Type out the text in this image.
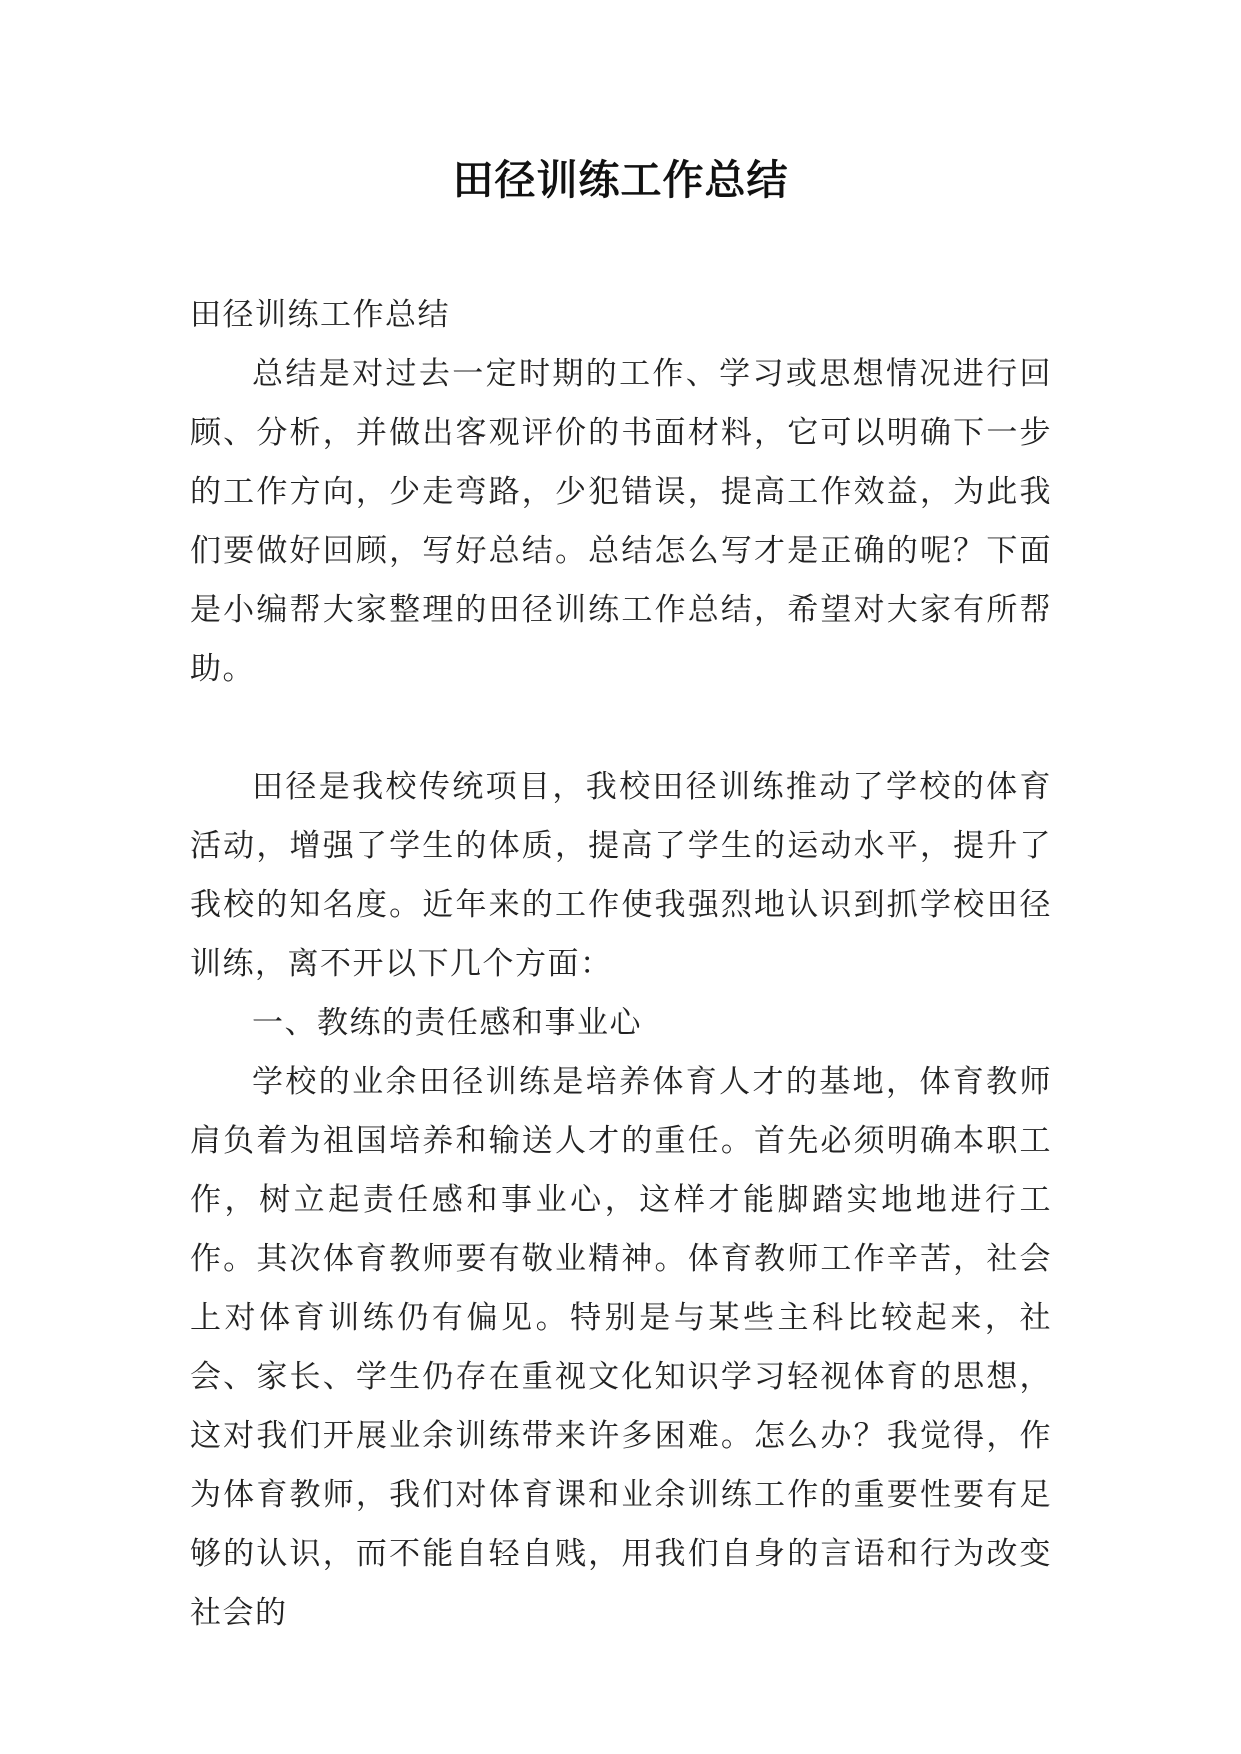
田径训练工作总结

田径训练工作总结

总结是对过去一定时期的工作、学习或思想情况进行回顾、分析，并做出客观评价的书面材料，它可以明确下一步的工作方向，少走弯路，少犯错误，提高工作效益，为此我们要做好回顾，写好总结。总结怎么写才是正确的呢？下面是小编帮大家整理的田径训练工作总结，希望对大家有所帮助。

田径是我校传统项目，我校田径训练推动了学校的体育活动，增强了学生的体质，提高了学生的运动水平，提升了我校的知名度。近年来的工作使我强烈地认识到抓学校田径训练，离不开以下几个方面：

一、教练的责任感和事业心

学校的业余田径训练是培养体育人才的基地，体育教师肩负着为祖国培养和输送人才的重任。首先必须明确本职工作，树立起责任感和事业心，这样才能脚踏实地地进行工作。其次体育教师要有敬业精神。体育教师工作辛苦，社会上对体育训练仍有偏见。特别是与某些主科比较起来，社会、家长、学生仍存在重视文化知识学习轻视体育的思想，这对我们开展业余训练带来许多困难。怎么办？我觉得，作为体育教师，我们对体育课和业余训练工作的重要性要有足够的认识，而不能自轻自贱，用我们自身的言语和行为改变社会的
